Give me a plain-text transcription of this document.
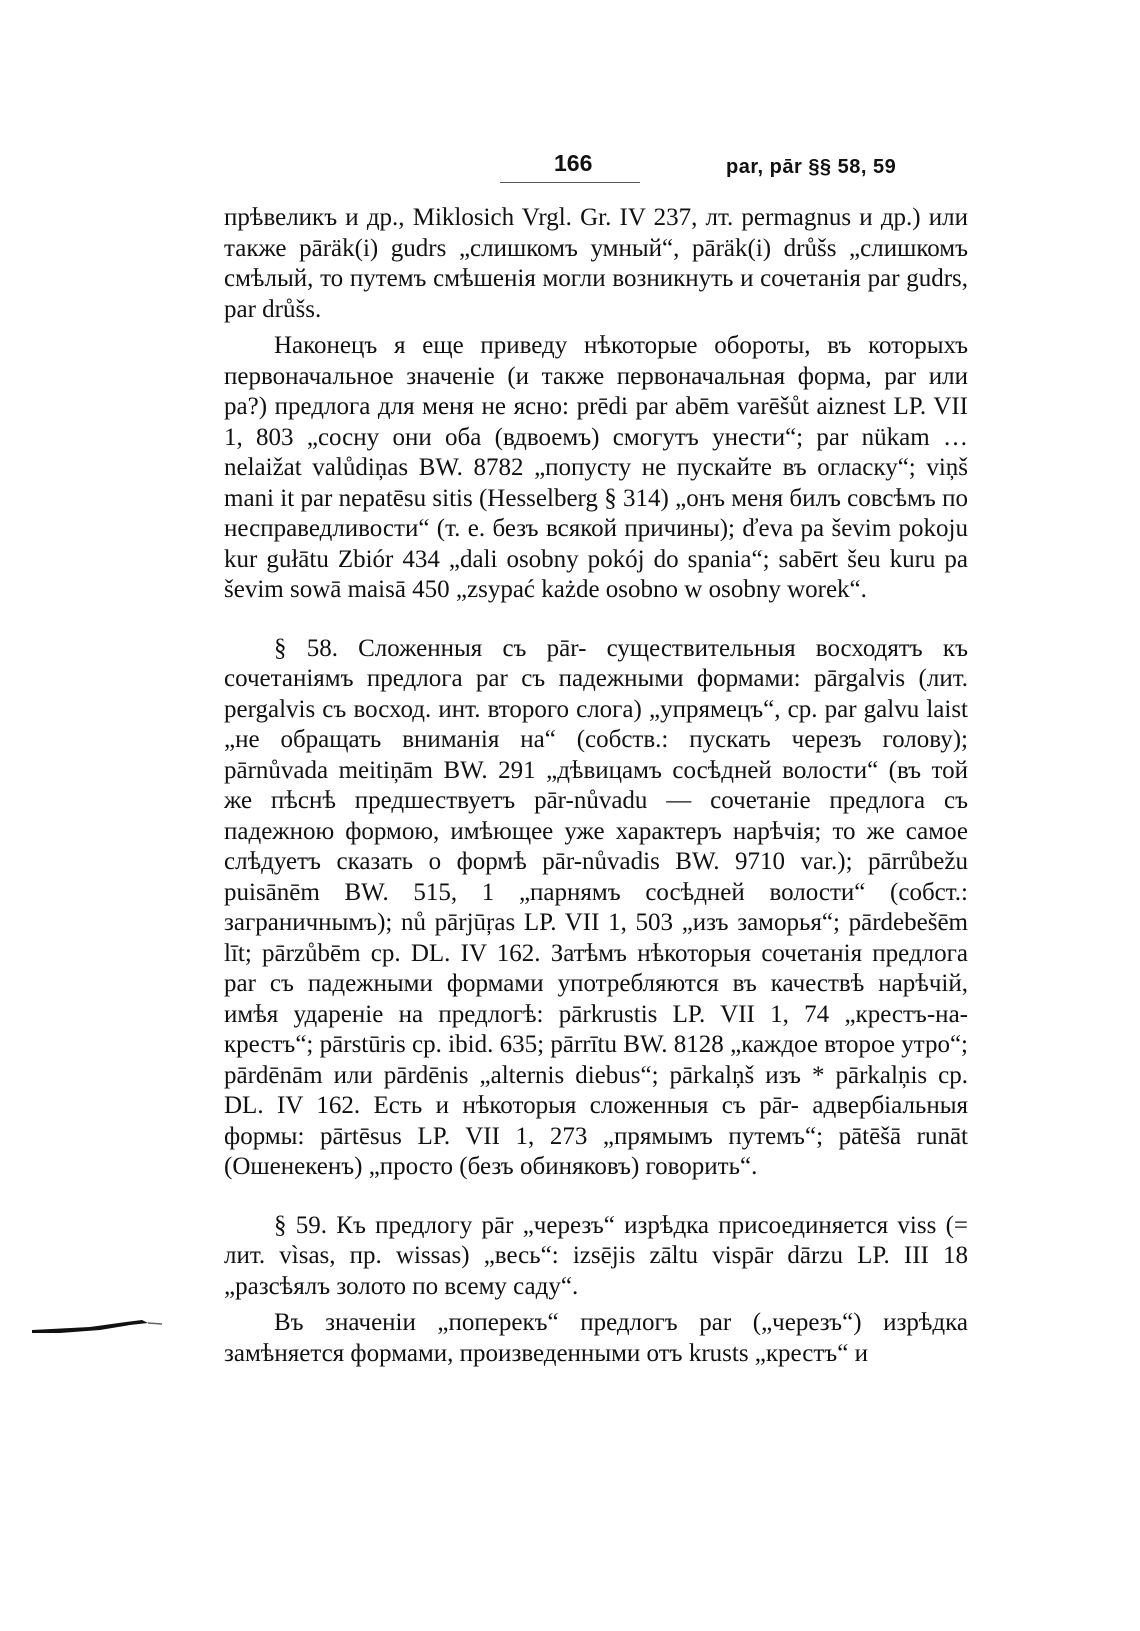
166	par, pār §§ 58, 59

прѣвеликъ и др., Miklosich Vrgl. Gr. IV 237, лт. permagnus и др.) или также pāräk(i) gudrs „слишкомъ умный“, pāräk(i) drůšs „слишкомъ смѣлый, то путемъ смѣшенія могли возникнуть и сочетанія par gudrs, par drůšs.

Наконецъ я еще приведу нѣкоторые обороты, въ которыхъ первоначальное значеніе (и также первоначальная форма, par или pa?) предлога для меня не ясно: prēdi par abēm varēšůt aiznest LP. VII 1, 803 „сосну они оба (вдвоемъ) смогутъ унести“; par nükam … nelaižat valůdiņas BW. 8782 „попусту не пускайте въ огласку“; viņš mani it par nepatēsu sitis (Hesselberg § 314) „онъ меня билъ совсѣмъ по несправедливости“ (т. е. безъ всякой причины); ďeva pa ševim pokoju kur gułātu Zbiór 434 „dali osobny pokój do spania“; sabērt šeu kuru pa ševim sowā maisā 450 „zsypać każde osobno w osobny worek“.

§ 58. Сложенныя съ pār- существительныя восходятъ къ сочетаніямъ предлога par съ падежными формами: pārgalvis (лит. pergalvis съ восход. инт. второго слога) „упрямецъ“, ср. par galvu laist „не обращать вниманія на“ (собств.: пускать черезъ голову); pārnůvada meitiņām BW. 291 „дѣвицамъ сосѣдней волости“ (въ той же пѣснѣ предшествуетъ pār-nůvadu — сочетаніе предлога съ падежною формою, имѣющее уже характеръ нарѣчія; то же самое слѣдуетъ сказать о формѣ pār-nůvadis BW. 9710 var.); pārrůbežu puisānēm BW. 515, 1 „парнямъ сосѣдней волости“ (собст.: заграничнымъ); nů pārjūŗas LP. VII 1, 503 „изъ заморья“; pārdebešēm līt; pārzůbēm ср. DL. IV 162. Затѣмъ нѣкоторыя сочетанія предлога par съ падежными формами употребляются въ качествѣ нарѣчій, имѣя удареніе на предлогѣ: pārkrustis LP. VII 1, 74 „крестъ-на-крестъ“; pārstūris ср. ibid. 635; pārrītu BW. 8128 „каждое второе утро“; pārdēnām или pārdēnis „alternis diebus“; pārkalņš изъ * pārkalņis ср. DL. IV 162. Есть и нѣкоторыя сложенныя съ pār- адвербіальныя формы: pārtēsus LP. VII 1, 273 „прямымъ путемъ“; pātēšā runāt (Ошенекенъ) „просто (безъ обиняковъ) говорить“.

§ 59. Къ предлогу pār „черезъ“ изрѣдка присоединяется viss (= лит. vìsas, пр. wissas) „весь“: izsējis zāltu vispār dārzu LP. III 18 „разсѣялъ золото по всему саду“.

Въ значеніи „поперекъ“ предлогъ par („черезъ“) изрѣдка замѣняется формами, произведенными отъ krusts „крестъ“ и
